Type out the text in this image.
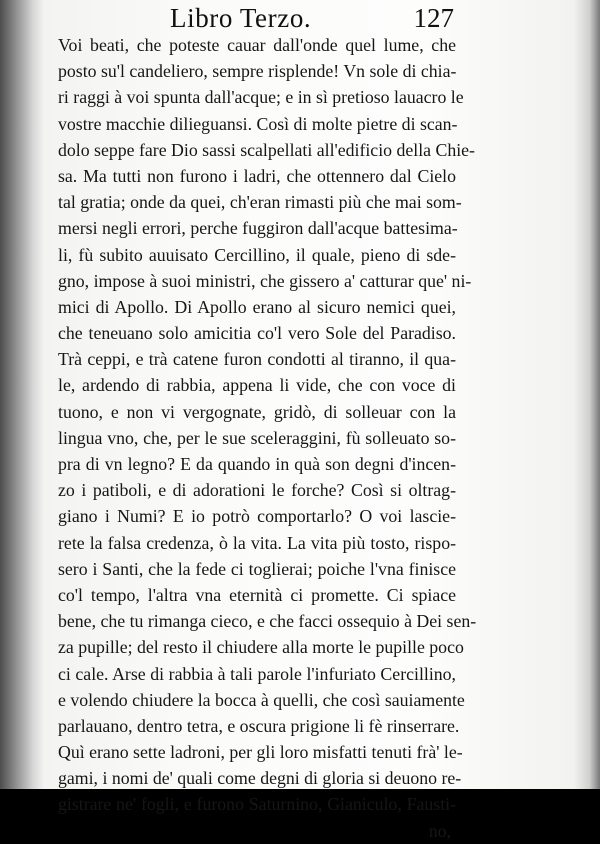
Libro Terzo.	127
Voi beati, che poteste cauar dall'onde quel lume, che
posto su'l candeliero, sempre risplende! Vn sole di chia-
ri raggi à voi spunta dall'acque; e in sì pretioso lauacro le
vostre macchie dilieguansi. Così di molte pietre di scan-
dolo seppe fare Dio sassi scalpellati all'edificio della Chie-
sa. Ma tutti non furono i ladri, che ottennero dal Cielo
tal gratia; onde da quei, ch'eran rimasti più che mai som-
mersi negli errori, perche fuggiron dall'acque battesima-
li, fù subito auuisato Cercillino, il quale, pieno di sde-
gno, impose à suoi ministri, che gissero a' catturar que' ni-
mici di Apollo. Di Apollo erano al sicuro nemici quei,
che teneuano solo amicitia co'l vero Sole del Paradiso.
Trà ceppi, e trà catene furon condotti al tiranno, il qua-
le, ardendo di rabbia, appena li vide, che con voce di
tuono, e non vi vergognate, gridò, di solleuar con la
lingua vno, che, per le sue sceleraggini, fù solleuato so-
pra di vn legno? E da quando in quà son degni d'incen-
zo i patiboli, e di adorationi le forche? Così si oltrag-
giano i Numi? E io potrò comportarlo? O voi lascie-
rete la falsa credenza, ò la vita. La vita più tosto, rispo-
sero i Santi, che la fede ci toglierai; poiche l'vna finisce
co'l tempo, l'altra vna eternità ci promette. Ci spiace
bene, che tu rimanga cieco, e che facci ossequio à Dei sen-
za pupille; del resto il chiudere alla morte le pupille poco
ci cale. Arse di rabbia à tali parole l'infuriato Cercillino,
e volendo chiudere la bocca à quelli, che così sauiamente
parlauano, dentro tetra, e oscura prigione li fè rinserrare.
Quì erano sette ladroni, per gli loro misfatti tenuti frà' le-
gami, i nomi de' quali come degni di gloria si deuono re-
gistrare ne' fogli, e furono Saturnino, Gianiculo, Fausti-
no,
